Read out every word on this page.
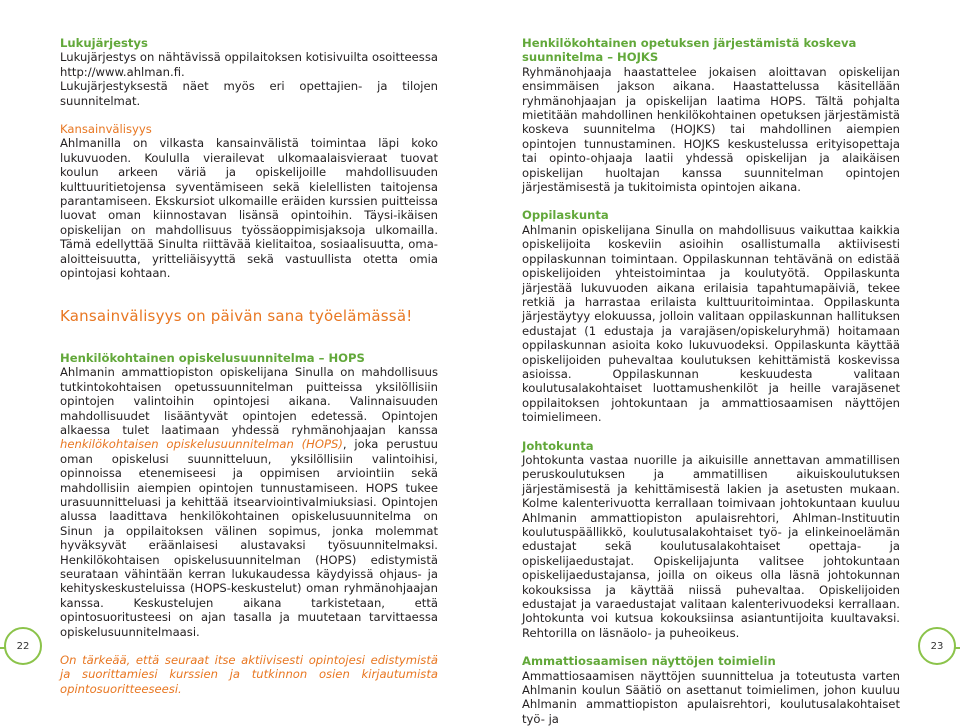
Lukujärjestys
Lukujärjestys on nähtävissä oppilaitoksen kotisivuilta osoitteessa
http://www.ahlman.fi.
Lukujärjestyksestä näet myös eri opettajien- ja tilojen suunnitelmat.
Kansainvälisyys

Ahlmanilla on vilkasta kansainvälistä toimintaa läpi koko lukuvuoden. Koululla vierailevat ulkomaalaisvieraat tuovat koulun arkeen väriä ja opiskelijoille mahdollisuuden kulttuuritietojensa syventämiseen sekä kielellisten taitojensa parantamiseen. Ekskursiot ulkomaille eräiden kurssien puitteissa luovat oman kiinnostavan lisänsä opintoihin. Täysi-ikäisen opiskelijan on mahdollisuus työssäoppimisjaksoja ulkomailla. Tämä edellyttää Sinulta riittävää kielitaitoa, sosiaalisuutta, oma-aloitteisuutta, yritteliäisyyttä sekä vastuullista otetta omia opintojasi kohtaan.

Kansainvälisyys on päivän sana työelämässä!
Henkilökohtainen opiskelusuunnitelma – HOPS

Ahlmanin ammattiopiston opiskelijana Sinulla on mahdollisuus tutkintokohtaisen opetussuunnitelman puitteissa yksilöllisiin opintojen valintoihin opintojesi aikana. Valinnaisuuden mahdollisuudet lisääntyvät opintojen edetessä. Opintojen alkaessa tulet laatimaan yhdessä ryhmänohjaajan kanssa henkilökohtaisen opiskelusuunnitelman (HOPS), joka perustuu oman opiskelusi suunnitteluun, yksilöllisiin valintoihisi, opinnoissa etenemiseesi ja oppimisen arviointiin sekä mahdollisiin aiempien opintojen tunnustamiseen. HOPS tukee urasuunnitteluasi ja kehittää itsearviointivalmiuksiasi. Opintojen alussa laadittava henkilökohtainen opiskelusuunnitelma on Sinun ja oppilaitoksen välinen sopimus, jonka molemmat hyväksyvät eräänlaisesi alustavaksi työsuunnitelmaksi. Henkilökohtaisen opiskelusuunnitelman (HOPS) edistymistä seurataan vähintään kerran lukukaudessa käydyissä ohjaus- ja kehityskeskusteluissa (HOPS-keskustelut) oman ryhmänohjaajan kanssa. Keskustelujen aikana tarkistetaan, että opintosuoritusteesi on ajan tasalla ja muutetaan tarvittaessa opiskelusuunnitelmaasi.

On tärkeää, että seuraat itse aktiivisesti opintojesi edistymistä ja suorittamiesi kurssien ja tutkinnon osien kirjautumista opintosuoritteeseesi.

22
Henkilökohtainen opetuksen järjestämistä koskeva suunnitelma – HOJKS

Ryhmänohjaaja haastattelee jokaisen aloittavan opiskelijan ensimmäisen jakson aikana. Haastattelussa käsitellään ryhmänohjaajan ja opiskelijan laatima HOPS. Tältä pohjalta mietitään mahdollinen henkilökohtainen opetuksen järjestämistä koskeva suunnitelma (HOJKS) tai mahdollinen aiempien opintojen tunnustaminen. HOJKS keskustelussa erityisopettaja tai opinto-ohjaaja laatii yhdessä opiskelijan ja alaikäisen opiskelijan huoltajan kanssa suunnitelman opintojen järjestämisestä ja tukitoimista opintojen aikana.

Oppilaskunta

Ahlmanin opiskelijana Sinulla on mahdollisuus vaikuttaa kaikkia opiskelijoita koskeviin asioihin osallistumalla aktiivisesti oppilaskunnan toimintaan. Oppilaskunnan tehtävänä on edistää opiskelijoiden yhteistoimintaa ja koulutyötä. Oppilaskunta järjestää lukuvuoden aikana erilaisia tapahtumapäiviä, tekee retkiä ja harrastaa erilaista kulttuuritoimintaa. Oppilaskunta järjestäytyy elokuussa, jolloin valitaan oppilaskunnan hallituksen edustajat (1 edustaja ja varajäsen/opiskeluryhmä) hoitamaan oppilaskunnan asioita koko lukuvuodeksi. Oppilaskunta käyttää opiskelijoiden puhevaltaa koulutuksen kehittämistä koskevissa asioissa. Oppilaskunnan keskuudesta valitaan koulutusalakohtaiset luottamushenkilöt ja heille varajäsenet oppilaitoksen johtokuntaan ja ammattiosaamisen näyttöjen toimielimeen.

Johtokunta

Johtokunta vastaa nuorille ja aikuisille annettavan ammatillisen peruskoulutuksen ja ammatillisen aikuiskoulutuksen järjestämisestä ja kehittämisestä lakien ja asetusten mukaan. Kolme kalenterivuotta kerrallaan toimivaan johtokuntaan kuuluu Ahlmanin ammattiopiston apulaisrehtori, Ahlman-Instituutin koulutuspäällikkö, koulutusalakohtaiset työ- ja elinkeinoelämän edustajat sekä koulutusalakohtaiset opettaja- ja opiskelijaedustajat. Opiskelijajunta valitsee johtokuntaan opiskelijaedustajansa, joilla on oikeus olla läsnä johtokunnan kokouksissa ja käyttää niissä puhevaltaa. Opiskelijoiden edustajat ja varaedustajat valitaan kalenterivuodeksi kerrallaan. Johtokunta voi kutsua kokouksiinsa asiantuntijoita kuultavaksi. Rehtorilla on läsnäolo- ja puheoikeus.

Ammattiosaamisen näyttöjen toimielin

Ammattiosaamisen näyttöjen suunnittelua ja toteutusta varten Ahlmanin koulun Säätiö on asettanut toimielimen, johon kuuluu Ahlmanin ammattiopiston apulaisrehtori, koulutusalakohtaiset työ- ja

23
